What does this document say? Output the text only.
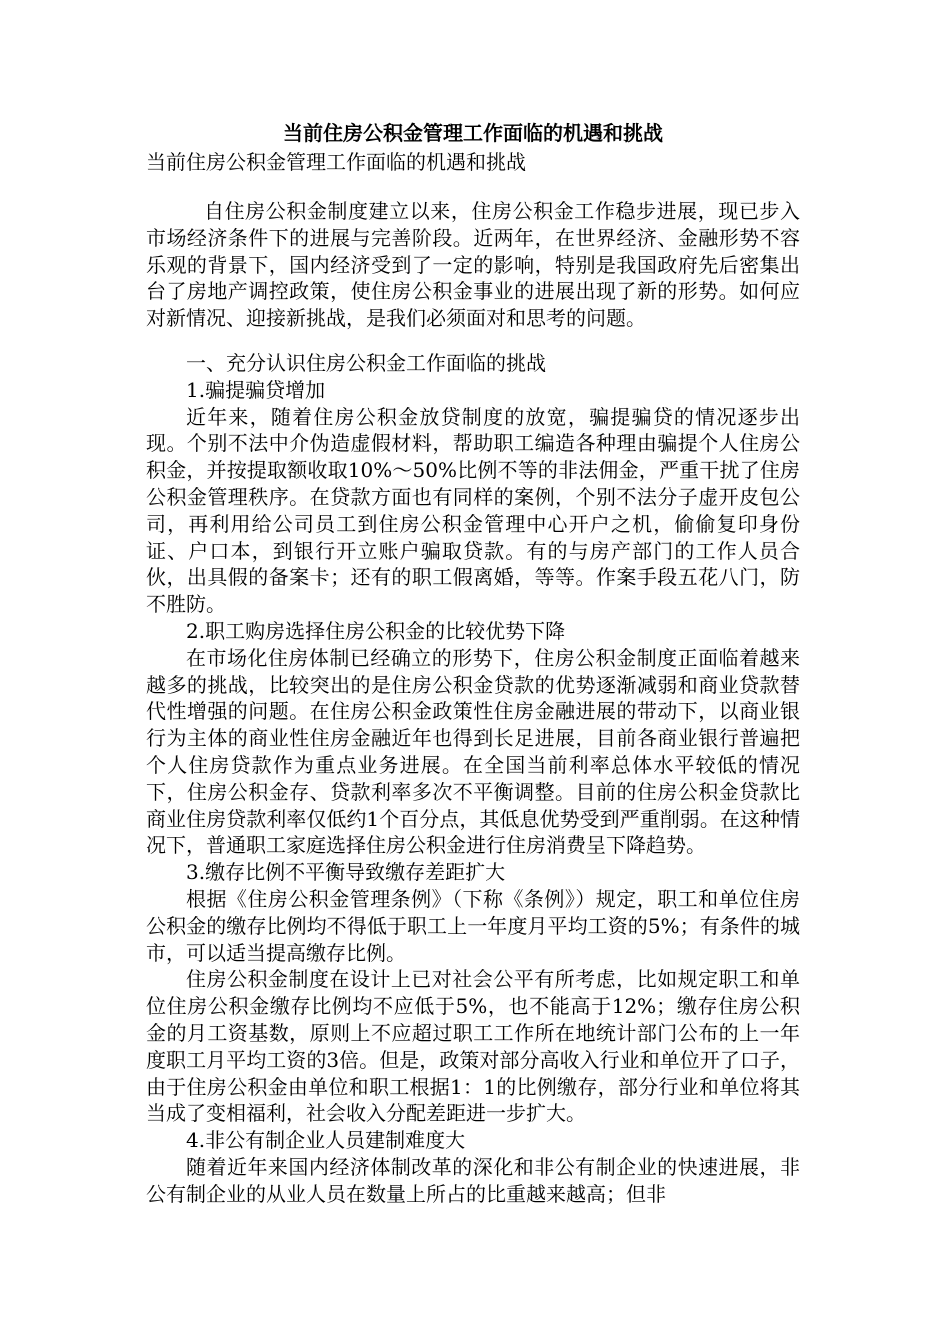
当前住房公积金管理工作面临的机遇和挑战
当前住房公积金管理工作面临的机遇和挑战

自住房公积金制度建立以来，住房公积金工作稳步进展，现已步入市场经济条件下的进展与完善阶段。近两年，在世界经济、金融形势不容乐观的背景下，国内经济受到了一定的影响，特别是我国政府先后密集出台了房地产调控政策，使住房公积金事业的进展出现了新的形势。如何应对新情况、迎接新挑战，是我们必须面对和思考的问题。

一、充分认识住房公积金工作面临的挑战

1.骗提骗贷增加

近年来，随着住房公积金放贷制度的放宽，骗提骗贷的情况逐步出现。个别不法中介伪造虚假材料，帮助职工编造各种理由骗提个人住房公积金，并按提取额收取10%～50%比例不等的非法佣金，严重干扰了住房公积金管理秩序。在贷款方面也有同样的案例，个别不法分子虚开皮包公司，再利用给公司员工到住房公积金管理中心开户之机，偷偷复印身份证、户口本，到银行开立账户骗取贷款。有的与房产部门的工作人员合伙，出具假的备案卡；还有的职工假离婚，等等。作案手段五花八门，防不胜防。

2.职工购房选择住房公积金的比较优势下降

在市场化住房体制已经确立的形势下，住房公积金制度正面临着越来越多的挑战，比较突出的是住房公积金贷款的优势逐渐减弱和商业贷款替代性增强的问题。在住房公积金政策性住房金融进展的带动下，以商业银行为主体的商业性住房金融近年也得到长足进展，目前各商业银行普遍把个人住房贷款作为重点业务进展。在全国当前利率总体水平较低的情况下，住房公积金存、贷款利率多次不平衡调整。目前的住房公积金贷款比商业住房贷款利率仅低约1个百分点，其低息优势受到严重削弱。在这种情况下，普通职工家庭选择住房公积金进行住房消费呈下降趋势。

3.缴存比例不平衡导致缴存差距扩大

根据《住房公积金管理条例》（下称《条例》）规定，职工和单位住房公积金的缴存比例均不得低于职工上一年度月平均工资的5%；有条件的城市，可以适当提高缴存比例。

住房公积金制度在设计上已对社会公平有所考虑，比如规定职工和单位住房公积金缴存比例均不应低于5%，也不能高于12%；缴存住房公积金的月工资基数，原则上不应超过职工工作所在地统计部门公布的上一年度职工月平均工资的3倍。但是，政策对部分高收入行业和单位开了口子，由于住房公积金由单位和职工根据1：1的比例缴存，部分行业和单位将其当成了变相福利，社会收入分配差距进一步扩大。

4.非公有制企业人员建制难度大

随着近年来国内经济体制改革的深化和非公有制企业的快速进展，非公有制企业的从业人员在数量上所占的比重越来越高；但非
